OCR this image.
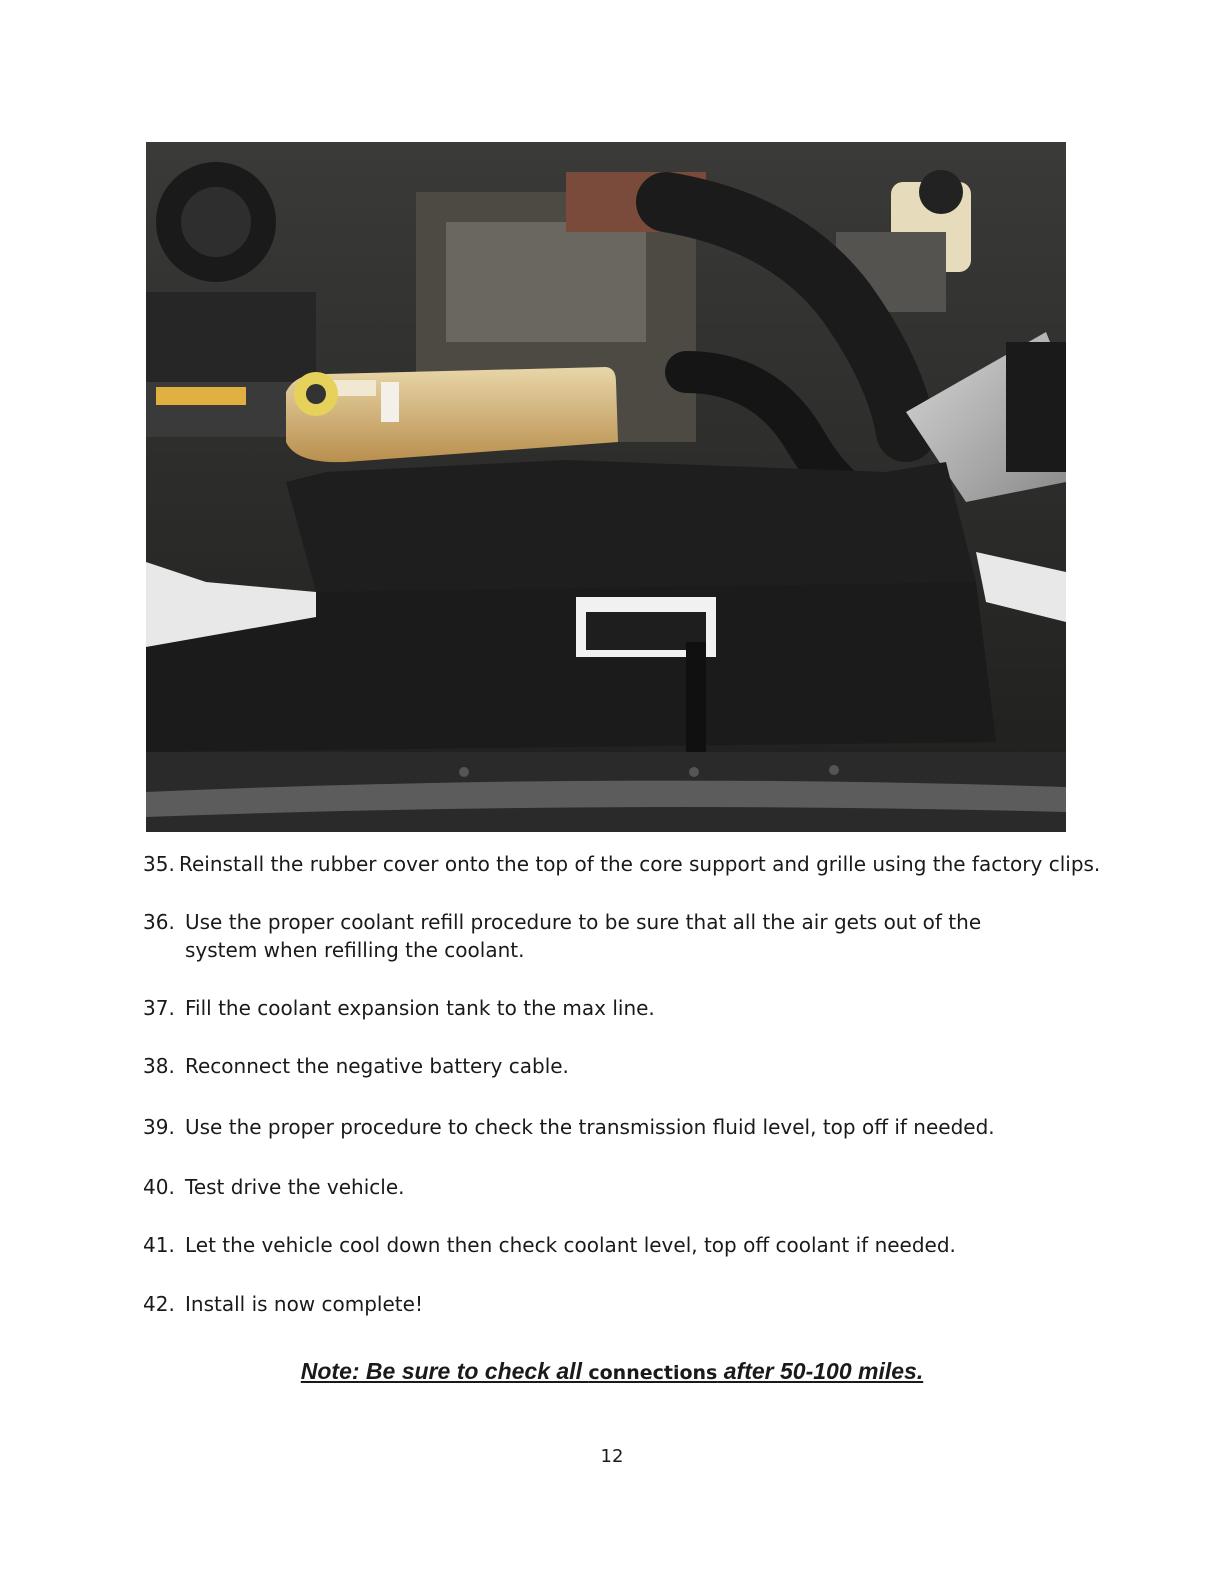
35. Reinstall the rubber cover onto the top of the core support and grille using the factory clips.
36. Use the proper coolant refill procedure to be sure that all the air gets out of the system when refilling the coolant.
37. Fill the coolant expansion tank to the max line.
38. Reconnect the negative battery cable.
39. Use the proper procedure to check the transmission fluid level, top off if needed.
40. Test drive the vehicle.
41. Let the vehicle cool down then check coolant level, top off coolant if needed.
42. Install is now complete!
Note: Be sure to check all connections after 50-100 miles.
12
